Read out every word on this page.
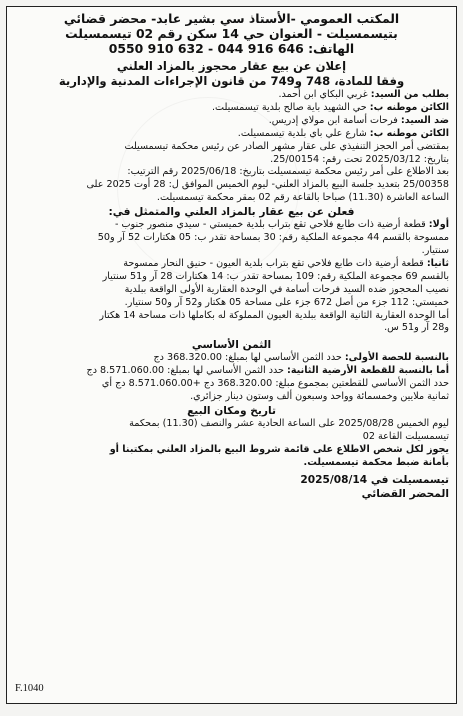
المكتب العمومي -الأستاذ سي بشير عابد- محضر قضائي
بتيسمسيلت - العنوان حي 14 سكن رقم 02 تيسمسيلت
الهاتف: 646 916 044 - 632 910 0550
إعلان عن بيع عقار محجوز بالمزاد العلني
وفقا للمادة، 748 و749 من قانون الإجراءات المدنية والإدارية
بطلب من السيد: غربي البكاي ابن أحمد.
الكائن موطنه ب: حي الشهيد باية صالح بلدية تيسمسيلت.
ضد السيد: فرحات أسامة ابن مولاي إدريس.
الكائن موطنه ب: شارع علي باي بلدية تيسمسيلت.
بمقتضى أمر الحجز التنفيذي على عقار مشهر الصادر عن رئيس محكمة تيسمسيلت
بتاريخ: 2025/03/12 تحت رقم: 25/00154.
بعد الاطلاع على أمر رئيس محكمة تيسمسيلت بتاريخ: 2025/06/18 رقم الترتيب:
25/00358 بتعديد جلسة البيع بالمزاد العلني- ليوم الخميس الموافق ل: 28 أوت 2025 على
الساعة العاشرة (11.30) صباحا بالقاعة رقم 02 بمقر محكمة تيسمسيلت.
فعلن عن بيع عقار بالمزاد العلني والمتمثل في:
أولا: قطعة أرضية ذات طابع فلاحي تقع بتراب بلدية خميستي - سيدي منصور جنوب -
ممسوحة بالقسم 44 مجموعة الملكية رقم: 30 بمساحة تقدر ب: 05 هكتارات 52 آر و50
سنتيار.
ثانيا: قطعة أرضية ذات طابع فلاحي تقع بتراب بلدية العيون - حنيق النحار ممسوحة
بالقسم 69 مجموعة الملكية رقم: 109 بمساحة تقدر ب: 14 هكتارات 28 آر و51 سنتيار
نصيب المحجوز ضده السيد فرحات أسامة في الوحدة العقارية الأولى الواقعة ببلدية
خميستي: 112 جزء من أصل 672 جزء على مساحة 05 هكتار و52 آر و50 سنتيار.
أما الوحدة العقارية الثانية الواقعة ببلدية العيون المملوكة له بكاملها ذات مساحة 14 هكتار
و28 آر و51 س.
الثمن الأساسي
بالنسبة للحصة الأولى: حدد الثمن الأساسي لها بمبلغ: 368.320.00 دج
أما بالنسبة للقطعة الأرضية الثانية: حدد الثمن الأساسي لها بمبلغ: 8.571.060.00 دج
حدد الثمن الأساسي للقطعتين بمجموع مبلغ: 368.320.00 دج +8.571.060.00 دج أي
ثمانية ملايين وخمسمائة وواحد وسبعون ألف وستون دينار جزائري.
تاريخ ومكان البيع
ليوم الخميس 2025/08/28 على الساعة الحادية عشر والنصف (11.30) بمحكمة
تيسمسيلت القاعة 02
يجوز لكل شخص الاطلاع على قائمة شروط البيع بالمزاد العلني بمكتبنا أو
بأمانة ضبط محكمة تيسمسيلت.
تيسمسيلت في 2025/08/14
المحضر القضائي
F.1040
